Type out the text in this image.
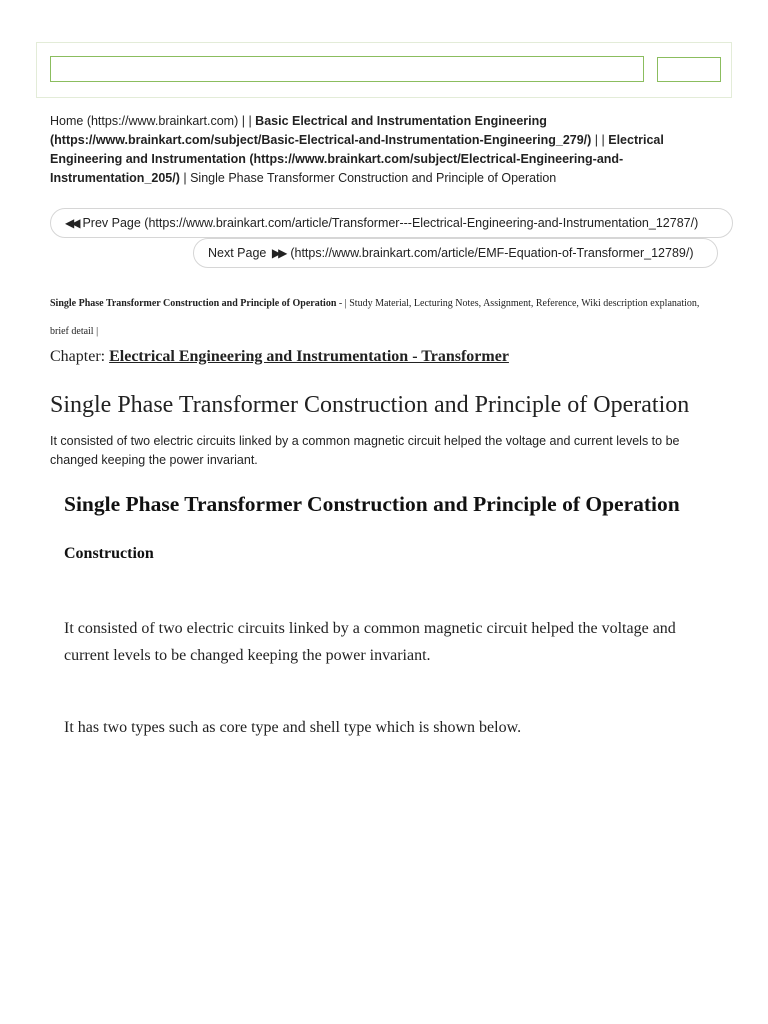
Home (https://www.brainkart.com) | | Basic Electrical and Instrumentation Engineering (https://www.brainkart.com/subject/Basic-Electrical-and-Instrumentation-Engineering_279/) | | Electrical Engineering and Instrumentation (https://www.brainkart.com/subject/Electrical-Engineering-and-Instrumentation_205/) | Single Phase Transformer Construction and Principle of Operation
◀◀ Prev Page (https://www.brainkart.com/article/Transformer---Electrical-Engineering-and-Instrumentation_12787/)
Next Page ▶▶ (https://www.brainkart.com/article/EMF-Equation-of-Transformer_12789/)
Single Phase Transformer Construction and Principle of Operation - | Study Material, Lecturing Notes, Assignment, Reference, Wiki description explanation, brief detail |
Chapter: Electrical Engineering and Instrumentation - Transformer
Single Phase Transformer Construction and Principle of Operation
It consisted of two electric circuits linked by a common magnetic circuit helped the voltage and current levels to be changed keeping the power invariant.
Single Phase Transformer Construction and Principle of Operation
Construction

It consisted of two electric circuits linked by a common magnetic circuit helped the voltage and current levels to be changed keeping the power invariant.

It has two types such as core type and shell type which is shown below.
